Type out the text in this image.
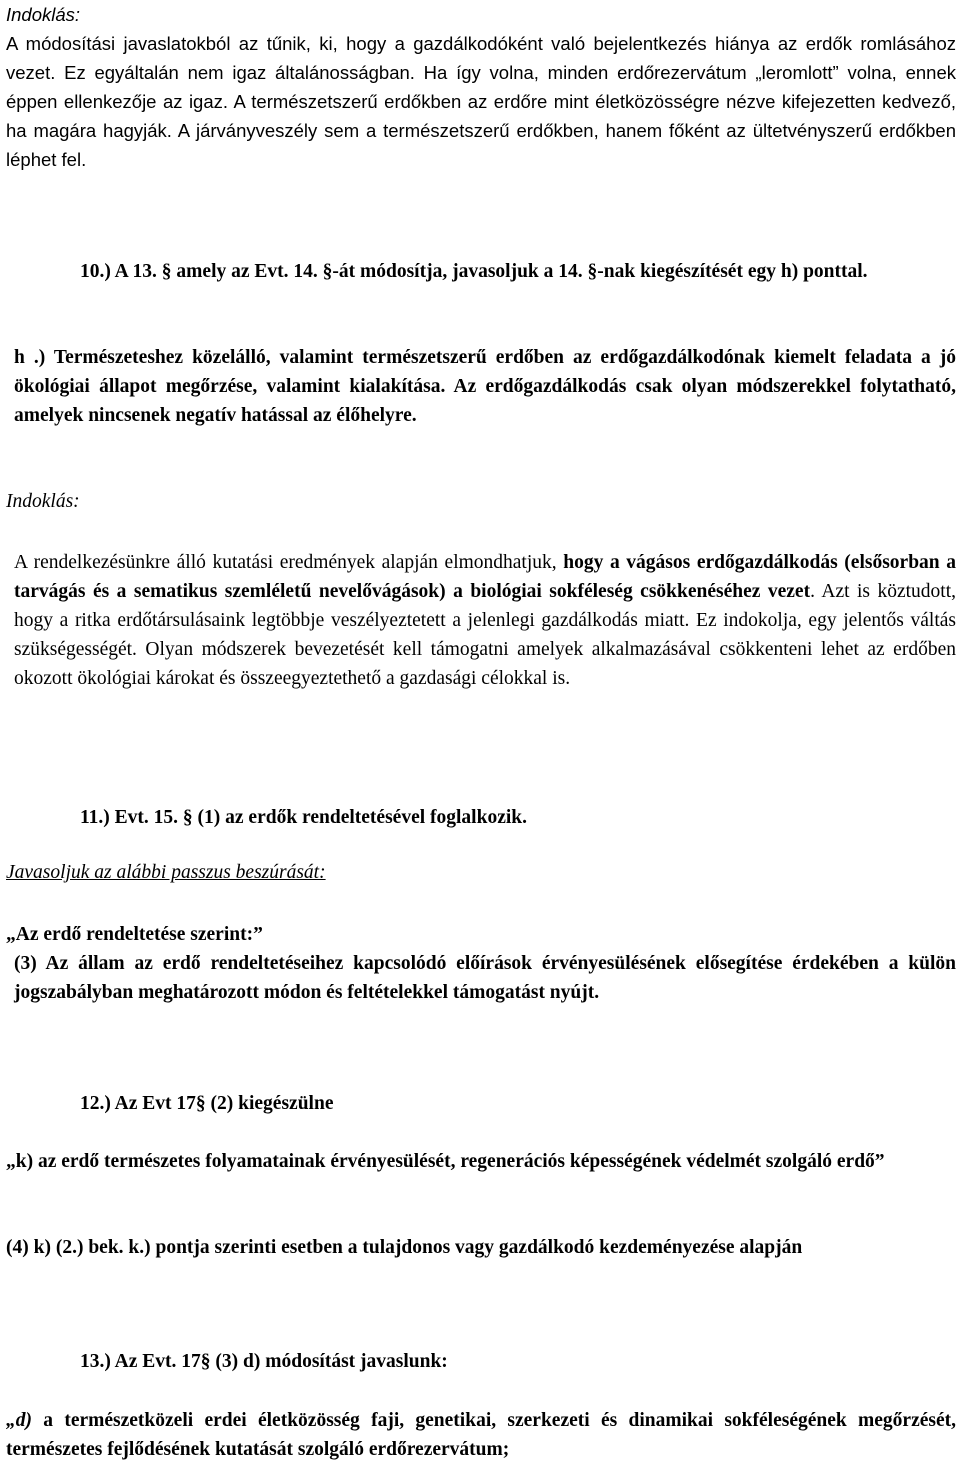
Indoklás:
A módosítási javaslatokból az tűnik, ki, hogy a gazdálkodóként való bejelentkezés hiánya az erdők romlásához vezet. Ez egyáltalán nem igaz általánosságban. Ha így volna, minden erdőrezervátum „leromlott” volna, ennek éppen ellenkezője az igaz. A természetszerű erdőkben az erdőre mint életközösségre nézve kifejezetten kedvező, ha magára hagyják. A járványveszély sem a természetszerű erdőkben, hanem főként az ültetvényszerű erdőkben léphet fel.

10.) A 13. § amely az Evt. 14. §-át módosítja, javasoljuk a 14. §-nak kiegészítését egy h) ponttal.

h .) Természeteshez közelálló, valamint természetszerű erdőben az erdőgazdálkodónak kiemelt feladata a jó ökológiai állapot megőrzése, valamint kialakítása. Az erdőgazdálkodás csak olyan módszerekkel folytatható, amelyek nincsenek negatív hatással az élőhelyre.

Indoklás:

A rendelkezésünkre álló kutatási eredmények alapján elmondhatjuk, hogy a vágásos erdőgazdálkodás (elsősorban a tarvágás és a sematikus szemléletű nevelővágások) a biológiai sokféleség csökkenéséhez vezet. Azt is köztudott, hogy a ritka erdőtársulásaink legtöbbje veszélyeztetett a jelenlegi gazdálkodás miatt. Ez indokolja, egy jelentős váltás szükségességét. Olyan módszerek bevezetését kell támogatni amelyek alkalmazásával csökkenteni lehet az erdőben okozott ökológiai károkat és összeegyeztethető a gazdasági célokkal is.

11.) Evt. 15. § (1) az erdők rendeltetésével foglalkozik.

Javasoljuk az alábbi passzus beszúrását:

„Az erdő rendeltetése szerint:”

(3) Az állam az erdő rendeltetéseihez kapcsolódó előírások érvényesülésének elősegítése érdekében a külön jogszabályban meghatározott módon és feltételekkel támogatást nyújt.

12.) Az Evt 17§ (2) kiegészülne

„k) az erdő természetes folyamatainak érvényesülését, regenerációs képességének védelmét szolgáló erdő”

(4) k) (2.) bek. k.) pontja szerinti esetben a tulajdonos vagy gazdálkodó kezdeményezése alapján

13.) Az Evt. 17§ (3) d) módosítást javaslunk:

„d) a természetközeli erdei életközösség faji, genetikai, szerkezeti és dinamikai sokféleségének megőrzését, természetes fejlődésének kutatását szolgáló erdőrezervátum;
